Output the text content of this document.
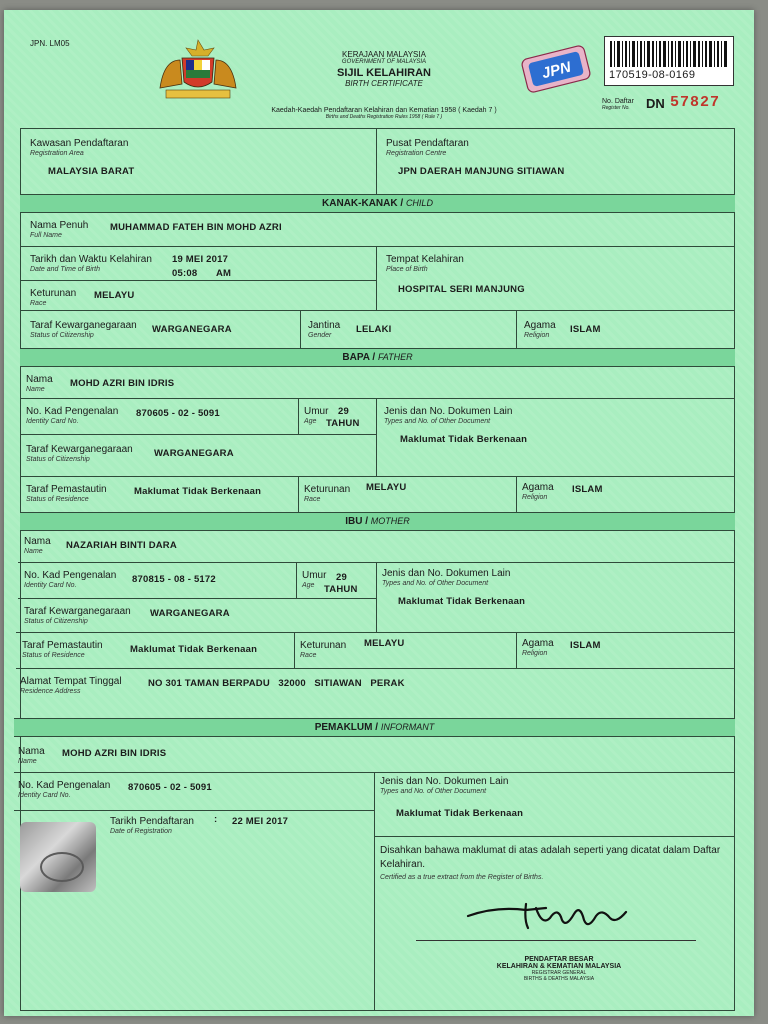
JPN. LM05
KERAJAAN MALAYSIA
GOVERNMENT OF MALAYSIA
SIJIL KELAHIRAN
BIRTH CERTIFICATE
Kaedah-Kaedah Pendaftaran Kelahiran dan Kematian 1958 ( Kaedah 7 )
Births and Deaths Registration Rules 1958 ( Rule 7 )
JPN	170519-08-0169
No. Daftar
Register No.	DN 57827
Kawasan Pendaftaran
Registration Area
MALAYSIA BARAT
Pusat Pendaftaran
Registration Centre
JPN DAERAH MANJUNG SITIAWAN
KANAK-KANAK / CHILD
Nama Penuh
Full Name
MUHAMMAD FATEH BIN MOHD AZRI
Tarikh dan Waktu Kelahiran
Date and Time of Birth
19 MEI 2017
05:08 AM
Tempat Kelahiran
Place of Birth
HOSPITAL SERI MANJUNG
Keturunan
Race
MELAYU
Taraf Kewarganegaraan
Status of Citizenship
WARGANEGARA	Jantina
Gender
LELAKI	Agama
Religion
ISLAM
BAPA / FATHER
Nama
Name
MOHD AZRI BIN IDRIS
No. Kad Pengenalan
Identity Card No.
870605 - 02 - 5091	Umur
Age
29
TAHUN
Jenis dan No. Dokumen Lain
Types and No. of Other Document
Maklumat Tidak Berkenaan
Taraf Kewarganegaraan
Status of Citizenship
WARGANEGARA
Taraf Pemastautin
Status of Residence
Maklumat Tidak Berkenaan	Keturunan
Race
MELAYU	Agama
Religion
ISLAM
IBU / MOTHER
Nama
Name
NAZARIAH BINTI DARA
No. Kad Pengenalan
Identity Card No.
870815 - 08 - 5172	Umur
Age
29
TAHUN
Jenis dan No. Dokumen Lain
Types and No. of Other Document
Maklumat Tidak Berkenaan
Taraf Kewarganegaraan
Status of Citizenship
WARGANEGARA
Taraf Pemastautin
Status of Residence
Maklumat Tidak Berkenaan	Keturunan
Race
MELAYU	Agama
Religion
ISLAM
Alamat Tempat Tinggal
Residence Address
NO 301 TAMAN BERPADU   32000   SITIAWAN   PERAK
PEMAKLUM / INFORMANT
Nama
Name
MOHD AZRI BIN IDRIS
No. Kad Pengenalan
Identity Card No.
870605 - 02 - 5091
Jenis dan No. Dokumen Lain
Types and No. of Other Document
Maklumat Tidak Berkenaan
Tarikh Pendaftaran
Date of Registration
: 22 MEI 2017
Disahkan bahawa maklumat di atas adalah seperti yang dicatat dalam Daftar Kelahiran.
Certified as a true extract from the Register of Births.
PENDAFTAR BESAR
KELAHIRAN & KEMATIAN MALAYSIA
REGISTRAR GENERAL
BIRTHS & DEATHS MALAYSIA
